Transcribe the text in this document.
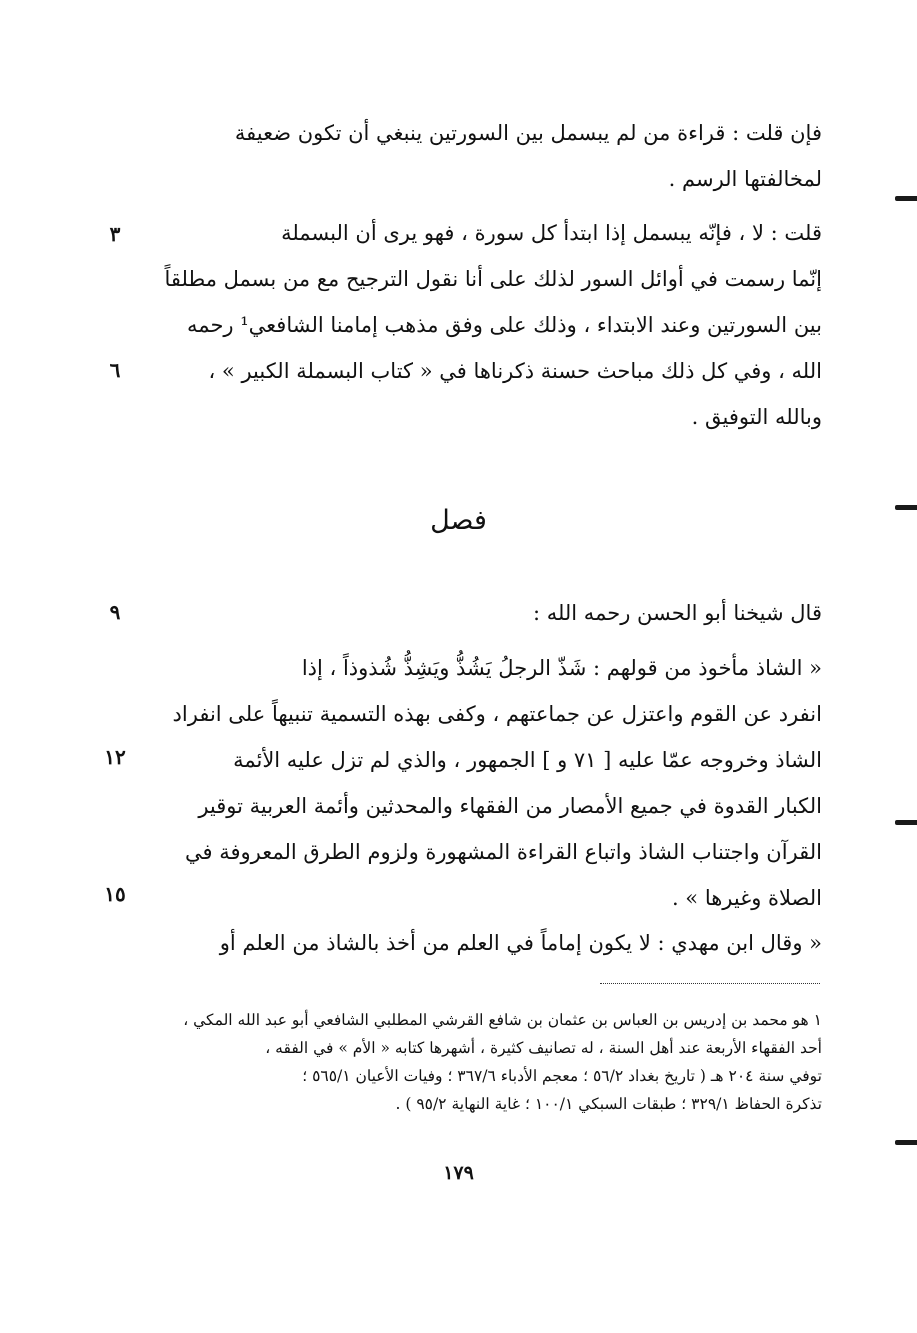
فإن قلت : قراءة من لم يبسمل بين السورتين ينبغي أن تكون ضعيفة
لمخالفتها الرسم .
قلت : لا ، فإنّه يبسمل إذا ابتدأ كل سورة ، فهو يرى أن البسملة
إنّما رسمت في أوائل السور لذلك على أنا نقول الترجيح مع من بسمل مطلقاً
بين السورتين وعند الابتداء ، وذلك على وفق مذهب إمامنا الشافعي¹ رحمه
الله ، وفي كل ذلك مباحث حسنة ذكرناها في « كتاب البسملة الكبير » ،
وبالله التوفيق .
فصل
قال شيخنا أبو الحسن رحمه الله :
« الشاذ مأخوذ من قولهم : شَذّ الرجلُ يَشُذُّ ويَشِذُّ شُذوذاً ، إذا
انفرد عن القوم واعتزل عن جماعتهم ، وكفى بهذه التسمية تنبيهاً على انفراد
الشاذ وخروجه عمّا عليه [ ٧١ و ] الجمهور ، والذي لم تزل عليه الأئمة
الكبار القدوة في جميع الأمصار من الفقهاء والمحدثين وأئمة العربية توقير
القرآن واجتناب الشاذ واتباع القراءة المشهورة ولزوم الطرق المعروفة في
الصلاة وغيرها » .
« وقال ابن مهدي : لا يكون إماماً في العلم من أخذ بالشاذ من العلم أو
٣
٦
٩
١٢
١٥
١ هو محمد بن إدريس بن العباس بن عثمان بن شافع القرشي المطلبي الشافعي أبو عبد الله المكي ،
أحد الفقهاء الأربعة عند أهل السنة ، له تصانيف كثيرة ، أشهرها كتابه « الأم » في الفقه ،
توفي سنة ٢٠٤ هـ ( تاريخ بغداد ٥٦/٢ ؛ معجم الأدباء ٣٦٧/٦ ؛ وفيات الأعيان ٥٦٥/١ ؛
تذكرة الحفاظ ٣٢٩/١ ؛ طبقات السبكي ١٠٠/١ ؛ غاية النهاية ٩٥/٢ ) .
١٧٩
